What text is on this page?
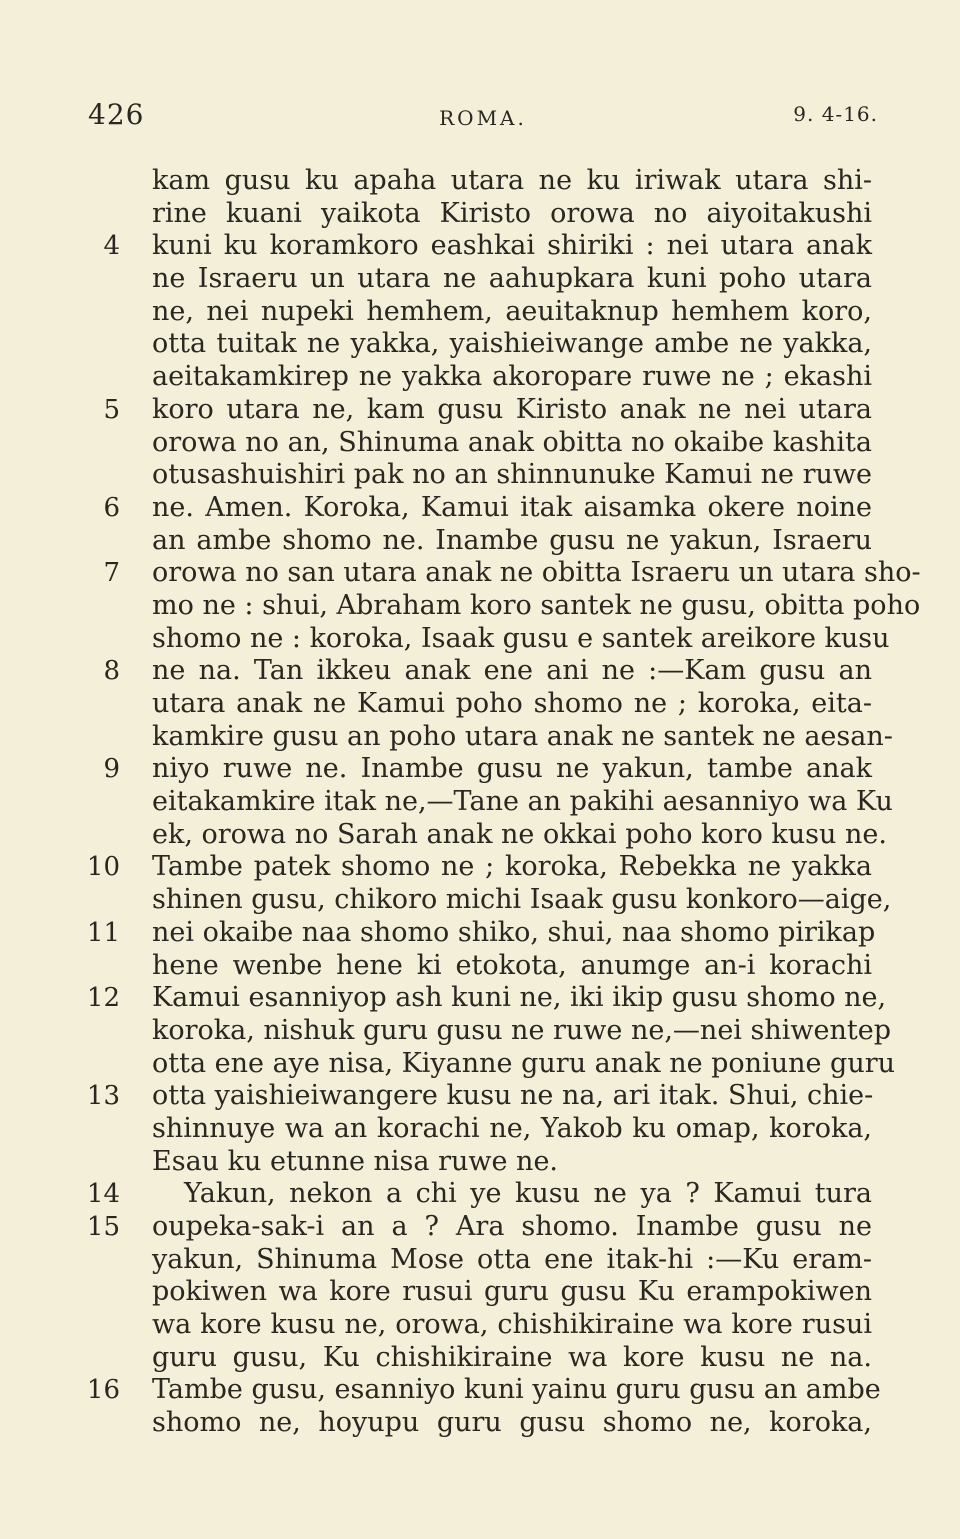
426	ROMA.	9. 4-16.
kam gusu ku apaha utara ne ku iriwak utara shi-
rine kuani yaikota Kiristo orowa no aiyoitakushi
4 kuni ku koramkoro eashkai shiriki : nei utara anak
ne Israeru un utara ne aahupkara kuni poho utara
ne, nei nupeki hemhem, aeuitaknup hemhem koro,
otta tuitak ne yakka, yaishieiwange ambe ne yakka,
aeitakamkirep ne yakka akoropare ruwe ne ; ekashi
5 koro utara ne, kam gusu Kiristo anak ne nei utara
orowa no an, Shinuma anak obitta no okaibe kashita
otusashuishiri pak no an shinnunuke Kamui ne ruwe
6 ne. Amen. Koroka, Kamui itak aisamka okere noine
an ambe shomo ne. Inambe gusu ne yakun, Israeru
7 orowa no san utara anak ne obitta Israeru un utara sho-
mo ne : shui, Abraham koro santek ne gusu, obitta poho
shomo ne : koroka, Isaak gusu e santek areikore kusu
8 ne na. Tan ikkeu anak ene ani ne :—Kam gusu an
utara anak ne Kamui poho shomo ne ; koroka, eita-
kamkire gusu an poho utara anak ne santek ne aesan-
9 niyo ruwe ne. Inambe gusu ne yakun, tambe anak
eitakamkire itak ne,—Tane an pakihi aesanniyo wa Ku
ek, orowa no Sarah anak ne okkai poho koro kusu ne.
10 Tambe patek shomo ne ; koroka, Rebekka ne yakka
shinen gusu, chikoro michi Isaak gusu konkoro—aige,
11 nei okaibe naa shomo shiko, shui, naa shomo pirikap
hene wenbe hene ki etokota, anumge an-i korachi
12 Kamui esanniyop ash kuni ne, iki ikip gusu shomo ne,
koroka, nishuk guru gusu ne ruwe ne,—nei shiwentep
otta ene aye nisa, Kiyanne guru anak ne poniune guru
13 otta yaishieiwangere kusu ne na, ari itak. Shui, chie-
shinnuye wa an korachi ne, Yakob ku omap, koroka,
Esau ku etunne nisa ruwe ne.
14 Yakun, nekon a chi ye kusu ne ya ? Kamui tura
15 oupeka-sak-i an a ? Ara shomo. Inambe gusu ne
yakun, Shinuma Mose otta ene itak-hi :—Ku eram-
pokiwen wa kore rusui guru gusu Ku erampokiwen
wa kore kusu ne, orowa, chishikiraine wa kore rusui
guru gusu, Ku chishikiraine wa kore kusu ne na.
16 Tambe gusu, esanniyo kuni yainu guru gusu an ambe
shomo ne, hoyupu guru gusu shomo ne, koroka,
